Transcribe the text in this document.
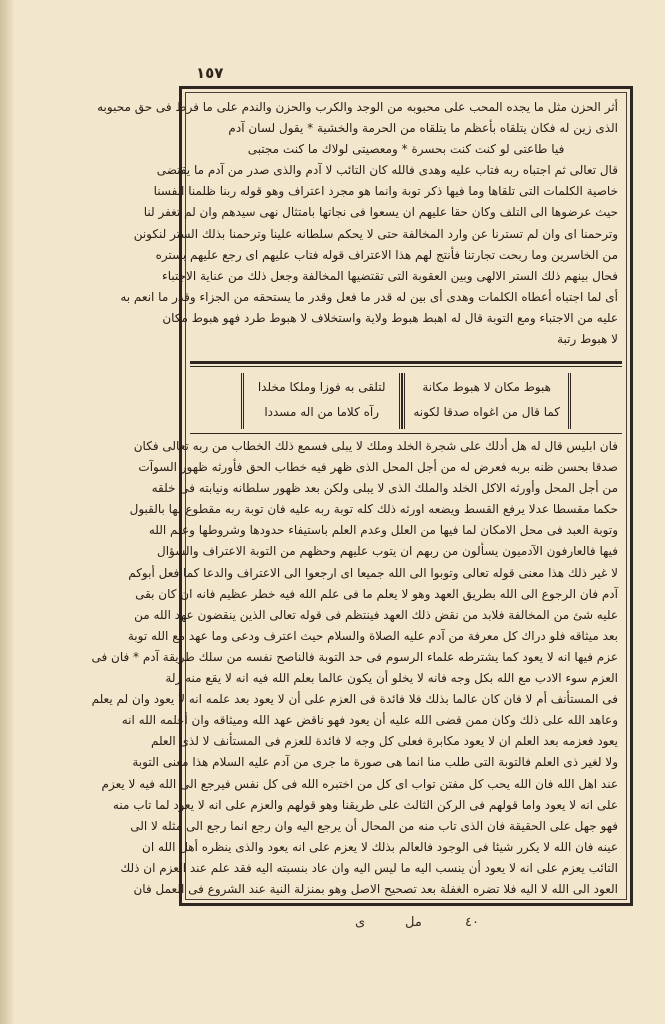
١٥٧
أثر الحزن مثل ما يجده المحب على محبوبه من الوجد والكرب والحزن والندم على ما فرط فى حق محبوبه
الذى زين له فكان يتلقاه بأعظم ما يتلقاه من الحرمة والخشية * يقول لسان آدم
فيا طاعتى لو كنت كنت بحسرة * ومعصيتى لولاك ما كنت مجتبى
قال تعالى ثم اجتباه ربه فتاب عليه وهدى فالله كان التائب لا آدم والذى صدر من آدم ما يقتضى
خاصية الكلمات التى تلقاها وما فيها ذكر توبة وانما هو مجرد اعتراف وهو قوله ربنا ظلمنا انفسنا
حيث عرضوها الى التلف وكان حقا عليهم ان يسعوا فى نجاتها بامتثال نهى سيدهم وان لم تغفر لنا
وترحمنا اى وان لم تسترنا عن وارد المخالفة حتى لا يحكم سلطانه علينا وترحمنا بذلك الستر لنكونن
من الخاسرين وما ربحت تجارتنا فأنتج لهم هذا الاعتراف قوله فتاب عليهم اى رجع عليهم بستره
فحال بينهم ذلك الستر الالهى وبين العقوبة التى تقتضيها المخالفة وجعل ذلك من عناية الاجتباء
أى لما اجتباه أعطاه الكلمات وهدى أى بين له قدر ما فعل وقدر ما يستحقه من الجزاء وقدر ما انعم به
عليه من الاجتباء ومع التوبة قال له اهبط هبوط ولاية واستخلاف لا هبوط طرد فهو هبوط مكان
لا هبوط رتبة
هبوط مكان لا هبوط مكانة
كما قال من اغواه صدقا لكونه
لتلقى به فوزا وملكا مخلدا
رآه كلاما من اله مسددا
فان ابليس قال له هل أدلك على شجرة الخلد وملك لا يبلى فسمع ذلك الخطاب من ربه تعالى فكان
صدقا بحسن ظنه بربه فعرض له من أجل المحل الذى ظهر فيه خطاب الحق فأورثه ظهور السوآت
من أجل المحل وأورثه الاكل الخلد والملك الذى لا يبلى ولكن بعد ظهور سلطانه ونيابته فى خلقه
حكما مقسطا عدلا يرفع القسط ويضعه اورثه ذلك كله توبة ربه عليه فان توبة ربه مقطوع لها بالقبول
وتوبة العبد فى محل الامكان لما فيها من العلل وعدم العلم باستيفاء حدودها وشروطها وعلم الله
فيها فالعارفون الآدميون يسألون من ربهم ان يتوب عليهم وحظهم من التوبة الاعتراف والسؤال
لا غير ذلك هذا معنى قوله تعالى وتوبوا الى الله جميعا اى ارجعوا الى الاعتراف والدعا كما فعل أبوكم
آدم فان الرجوع الى الله بطريق العهد وهو لا يعلم ما فى علم الله فيه خطر عظيم فانه ان كان بقى
عليه شئ من المخالفة فلابد من نقض ذلك العهد فينتظم فى قوله تعالى الذين ينقضون عهد الله من
بعد ميثاقه فلو دراك كل معرفة من آدم عليه الصلاة والسلام حيث اعترف ودعى وما عهد مع الله توبة
عزم فيها انه لا يعود كما يشترطه علماء الرسوم فى حد التوبة فالناصح نفسه من سلك طريقة آدم * فان فى
العزم سوء الادب مع الله بكل وجه فانه لا يخلو أن يكون عالما بعلم الله فيه انه لا يقع منه زلة
فى المستأنف أم لا فان كان عالما بذلك فلا فائدة فى العزم على أن لا يعود بعد علمه انه لا يعود وان لم يعلم
وعاهد الله على ذلك وكان ممن قضى الله عليه أن يعود فهو ناقض عهد الله وميثاقه وان أعلمه الله انه
يعود فعزمه بعد العلم ان لا يعود مكابرة فعلى كل وجه لا فائدة للعزم فى المستأنف لا لذى العلم
ولا لغير ذى العلم فالتوبة التى طلب منا انما هى صورة ما جرى من آدم عليه السلام هذا معنى التوبة
عند اهل الله فان الله يحب كل مفتن تواب اى كل من اختبره الله فى كل نفس فيرجع الى الله فيه لا يعزم
على انه لا يعود واما قولهم فى الركن الثالث على طريقنا وهو قولهم والعزم على انه لا يعود لما تاب منه
فهو جهل على الحقيقة فان الذى تاب منه من المحال أن يرجع اليه وان رجع انما رجع الى مثله لا الى
عينه فان الله لا يكرر شيئا فى الوجود فالعالم بذلك لا يعزم على انه يعود والذى ينظره أهل الله ان
التائب يعزم على انه لا يعود أن ينسب اليه ما ليس اليه وان عاد بنسبته اليه فقد علم عند العزم ان ذلك
العود الى الله لا اليه فلا تضره الغفلة بعد تصحيح الاصل وهو بمنزلة النية عند الشروع فى العمل فان
٤٠
مل
ى
